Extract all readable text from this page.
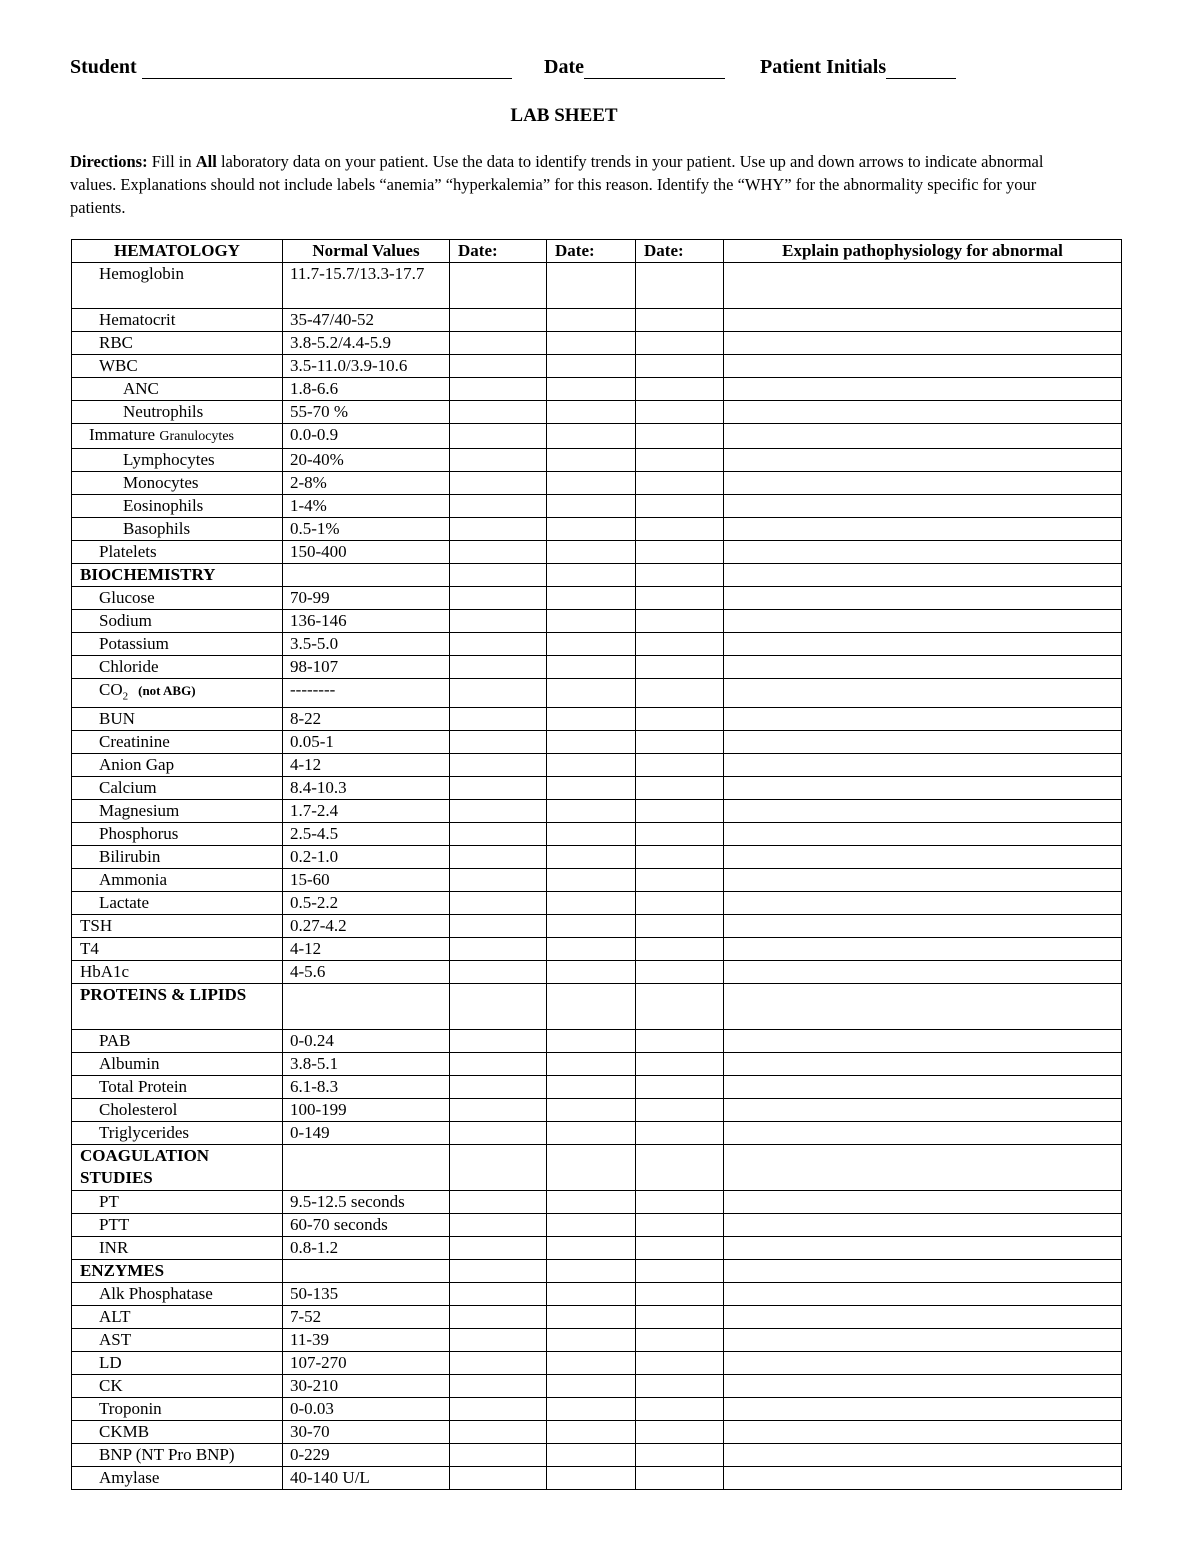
Student	Date	Patient Initials
LAB SHEET
Directions: Fill in All laboratory data on your patient. Use the data to identify trends in your patient. Use up and down arrows to indicate abnormal values. Explanations should not include labels “anemia” “hyperkalemia” for this reason. Identify the “WHY” for the abnormality specific for your patients.
HEMATOLOGY	Normal Values	Date:	Date:	Date:	Explain pathophysiology for abnormal
Hemoglobin	11.7-15.7/13.3-17.7				
Hematocrit	35-47/40-52				
RBC	3.8-5.2/4.4-5.9				
WBC	3.5-11.0/3.9-10.6				
ANC	1.8-6.6				
Neutrophils	55-70 %				
Immature Granulocytes	0.0-0.9				
Lymphocytes	20-40%				
Monocytes	2-8%				
Eosinophils	1-4%				
Basophils	0.5-1%				
Platelets	150-400				
BIOCHEMISTRY					
Glucose	70-99				
Sodium	136-146				
Potassium	3.5-5.0				
Chloride	98-107				
$CO_2$ (not ABG)	--------				
BUN	8-22				
Creatinine	0.05-1				
Anion Gap	4-12				
Calcium	8.4-10.3				
Magnesium	1.7-2.4				
Phosphorus	2.5-4.5				
Bilirubin	0.2-1.0				
Ammonia	15-60				
Lactate	0.5-2.2				
TSH	0.27-4.2				
T4	4-12				
HbA1c	4-5.6				
PROTEINS & LIPIDS					
PAB	0-0.24				
Albumin	3.8-5.1				
Total Protein	6.1-8.3				
Cholesterol	100-199				
Triglycerides	0-149				
COAGULATION STUDIES					
PT	9.5-12.5 seconds				
PTT	60-70 seconds				
INR	0.8-1.2				
ENZYMES					
Alk Phosphatase	50-135				
ALT	7-52				
AST	11-39				
LD	107-270				
CK	30-210				
Troponin	0-0.03				
CKMB	30-70				
BNP (NT Pro BNP)	0-229				
Amylase	40-140 U/L				
